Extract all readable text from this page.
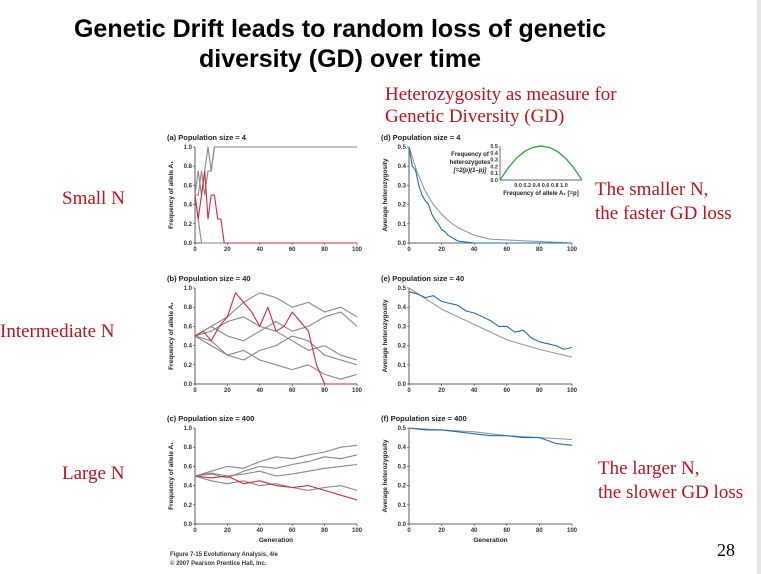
Genetic Drift leads to random loss of genetic
diversity (GD) over time
Heterozygosity as measure for
Genetic Diversity (GD)
Small N
Intermediate N
Large N
The smaller N,
the faster GD loss
The larger N,
the slower GD loss
28
(a) Population size = 4
0.0
0.2
0.4
0.6
0.8
1.0
0	20	40	60	80	100
Frequency of allele A₁
(b) Population size = 40
0.0
0.2
0.4
0.6
0.8
1.0
0	20	40	60	80	100
Frequency of allele A₁
(c) Population size = 400
0.0
0.2
0.4
0.6
0.8
1.0
0	20	40	60	80	100
Frequency of allele A₁
Generation
(d) Population size = 4
0.0
0.1
0.2
0.3
0.4
0.5
0	20	40	60	80	100
Average heterozygosity
(e) Population size = 40
0.0
0.1
0.2
0.3
0.4
0.5
0	20	40	60	80	100
Average heterozygosity
(f) Population size = 400
0.0
0.1
0.2
0.3
0.4
0.5
0	20	40	60	80	100
Average heterozygosity
Generation
0.0
0.1
0.2
0.3
0.4
0.5
Frequency of
heterozygotes
[=2(p)(1–p)]
0.0 0.2 0.4 0.6 0.8 1.0
Frequency of allele A₁ [=p]
Figure 7-15 Evolutionary Analysis, 4/e
© 2007 Pearson Prentice Hall, Inc.
